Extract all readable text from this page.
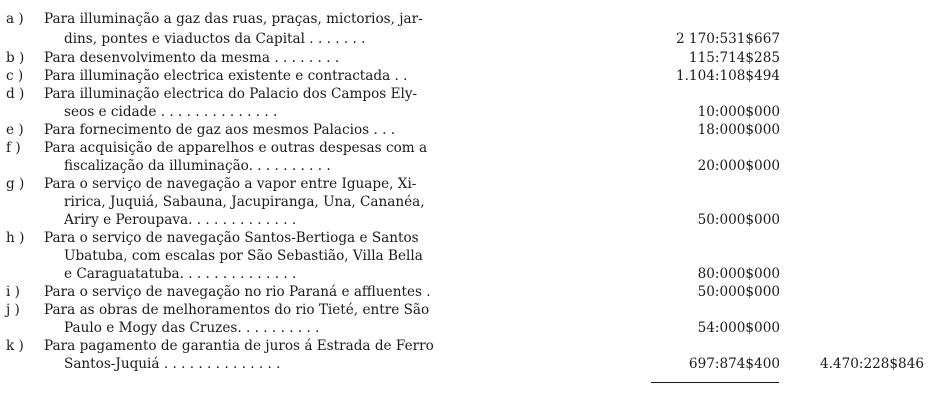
a )	Para illuminação a gaz das ruas, praças, mictorios, jar-
dins, pontes e viaductos da Capital . . . . . . .	2 170:531$667
b )	Para desenvolvimento da mesma . . . . . . . .	115:714$285
c )	Para illuminação electrica existente e contractada . .	1.104:108$494
d )	Para illuminação electrica do Palacio dos Campos Ely-
seos e cidade . . . . . . . . . . . . . .	10:000$000
e )	Para fornecimento de gaz aos mesmos Palacios . . .	18:000$000
f )	Para acquisição de apparelhos e outras despesas com a
fiscalização da illuminação. . . . . . . . . .	20:000$000
g )	Para o serviço de navegação a vapor entre Iguape, Xi-
ririca, Juquiá, Sabauna, Jacupiranga, Una, Cananéa,
Ariry e Peroupava. . . . . . . . . . . . .	50:000$000
h )	Para o serviço de navegação Santos-Bertioga e Santos
Ubatuba, com escalas por São Sebastião, Villa Bella
e Caraguatatuba. . . . . . . . . . . . . .	80:000$000
i )	Para o serviço de navegação no rio Paraná e affluentes .	50:000$000
j )	Para as obras de melhoramentos do rio Tieté, entre São
Paulo e Mogy das Cruzes. . . . . . . . . .	54:000$000
k )	Para pagamento de garantia de juros á Estrada de Ferro
Santos-Juquiá . . . . . . . . . . . . . .	697:874$400	4.470:228$846
